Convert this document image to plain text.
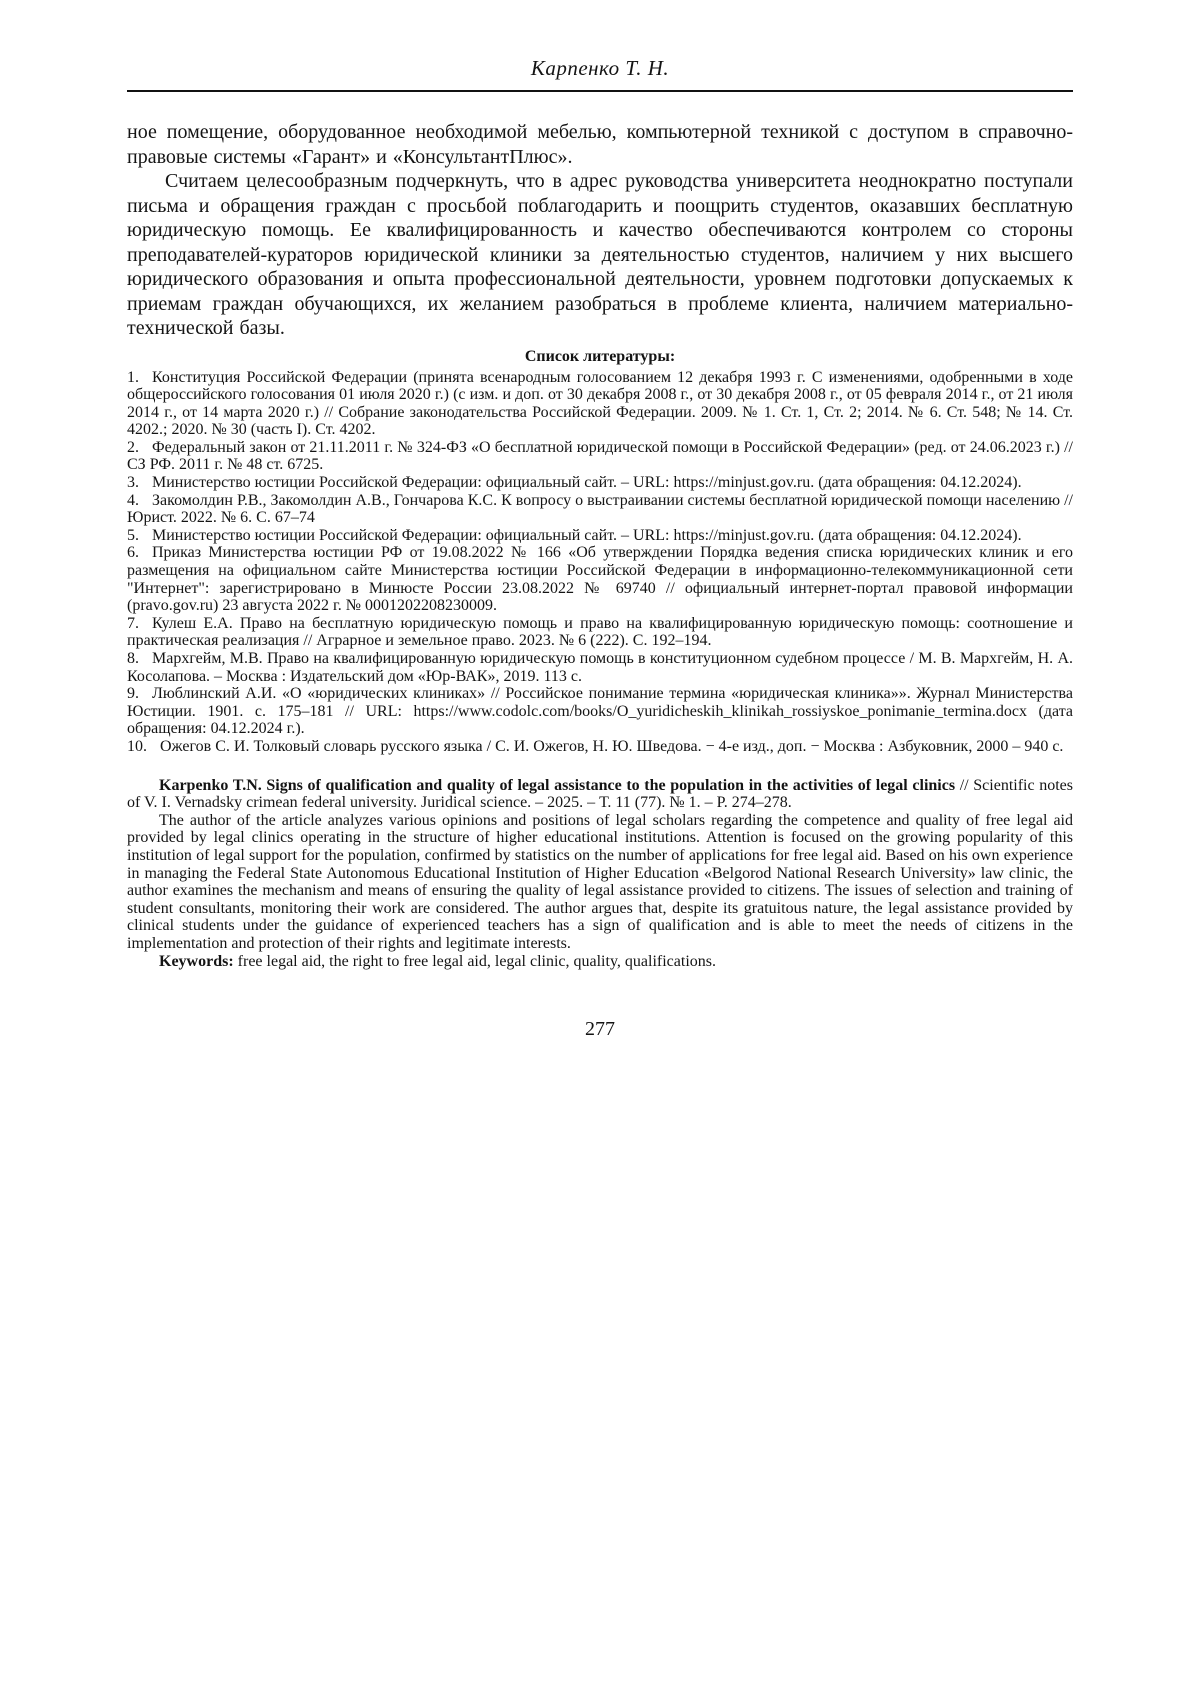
Карпенко Т. Н.

ное помещение, оборудованное необходимой мебелью, компьютерной техникой с доступом в справочно-правовые системы «Гарант» и «КонсультантПлюс».

Считаем целесообразным подчеркнуть, что в адрес руководства университета неоднократно поступали письма и обращения граждан с просьбой поблагодарить и поощрить студентов, оказавших бесплатную юридическую помощь. Ее квалифицированность и качество обеспечиваются контролем со стороны преподавателей-кураторов юридической клиники за деятельностью студентов, наличием у них высшего юридического образования и опыта профессиональной деятельности, уровнем подготовки допускаемых к приемам граждан обучающихся, их желанием разобраться в проблеме клиента, наличием материально-технической базы.

Список литературы:

1. Конституция Российской Федерации (принята всенародным голосованием 12 декабря 1993 г. С изменениями, одобренными в ходе общероссийского голосования 01 июля 2020 г.) (с изм. и доп. от 30 декабря 2008 г., от 30 декабря 2008 г., от 05 февраля 2014 г., от 21 июля 2014 г., от 14 марта 2020 г.) // Собрание законодательства Российской Федерации. 2009. № 1. Ст. 1, Ст. 2; 2014. № 6. Ст. 548; № 14. Ст. 4202.; 2020. № 30 (часть I). Ст. 4202.

2. Федеральный закон от 21.11.2011 г. № 324-ФЗ «О бесплатной юридической помощи в Российской Федерации» (ред. от 24.06.2023 г.) // СЗ РФ. 2011 г. № 48 ст. 6725.

3. Министерство юстиции Российской Федерации: официальный сайт. – URL: https://minjust.gov.ru. (дата обращения: 04.12.2024).

4. Закомолдин Р.В., Закомолдин А.В., Гончарова К.С. К вопросу о выстраивании системы бесплатной юридической помощи населению // Юрист. 2022. № 6. С. 67–74

5. Министерство юстиции Российской Федерации: официальный сайт. – URL: https://minjust.gov.ru. (дата обращения: 04.12.2024).

6. Приказ Министерства юстиции РФ от 19.08.2022 № 166 «Об утверждении Порядка ведения списка юридических клиник и его размещения на официальном сайте Министерства юстиции Российской Федерации в информационно-телекоммуникационной сети "Интернет": зарегистрировано в Минюсте России 23.08.2022 № 69740 // официальный интернет-портал правовой информации (pravo.gov.ru) 23 августа 2022 г. № 0001202208230009.

7. Кулеш Е.А. Право на бесплатную юридическую помощь и право на квалифицированную юридическую помощь: соотношение и практическая реализация // Аграрное и земельное право. 2023. № 6 (222). С. 192–194.

8. Мархгейм, М.В. Право на квалифицированную юридическую помощь в конституционном судебном процессе / М. В. Мархгейм, Н. А. Косолапова. – Москва : Издательский дом «Юр-ВАК», 2019. 113 с.

9. Люблинский А.И. «О «юридических клиниках» // Российское понимание термина «юридическая клиника»». Журнал Министерства Юстиции. 1901. с. 175–181 // URL: https://www.codolc.com/books/O_yuridicheskih_klinikah_rossiyskoe_ponimanie_termina.docx (дата обращения: 04.12.2024 г.).

10. Ожегов С. И. Толковый словарь русского языка / С. И. Ожегов, Н. Ю. Шведова. − 4-е изд., доп. − Москва : Азбуковник, 2000 – 940 с.

Karpenko T.N. Signs of qualification and quality of legal assistance to the population in the activities of legal clinics // Scientific notes of V. I. Vernadsky crimean federal university. Juridical science. – 2025. – Т. 11 (77). № 1. – P. 274–278.

The author of the article analyzes various opinions and positions of legal scholars regarding the competence and quality of free legal aid provided by legal clinics operating in the structure of higher educational institutions. Attention is focused on the growing popularity of this institution of legal support for the population, confirmed by statistics on the number of applications for free legal aid. Based on his own experience in managing the Federal State Autonomous Educational Institution of Higher Education «Belgorod National Research University» law clinic, the author examines the mechanism and means of ensuring the quality of legal assistance provided to citizens. The issues of selection and training of student consultants, monitoring their work are considered. The author argues that, despite its gratuitous nature, the legal assistance provided by clinical students under the guidance of experienced teachers has a sign of qualification and is able to meet the needs of citizens in the implementation and protection of their rights and legitimate interests.

Keywords: free legal aid, the right to free legal aid, legal clinic, quality, qualifications.

277
